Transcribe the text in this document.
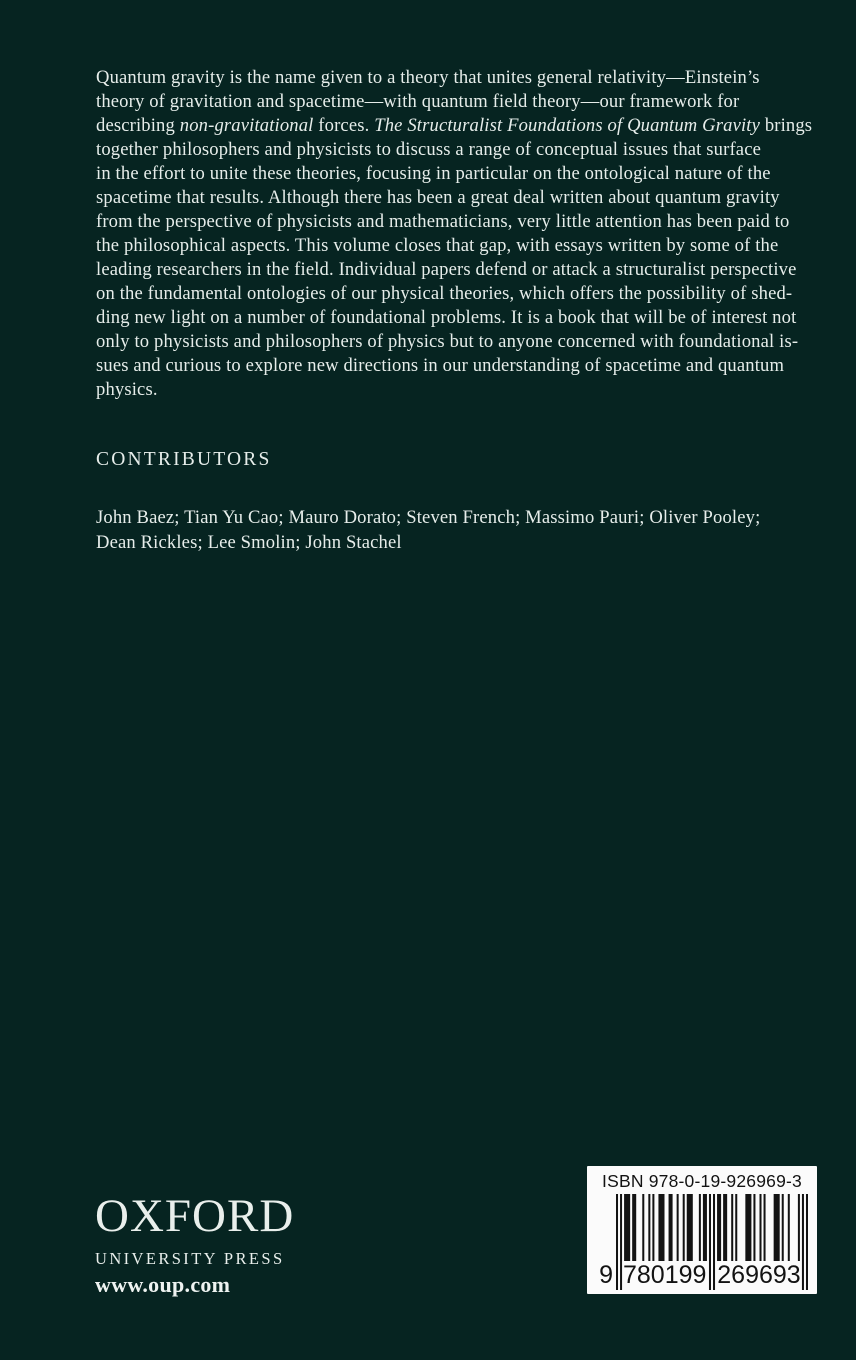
Quantum gravity is the name given to a theory that unites general relativity—Einstein’s
theory of gravitation and spacetime—with quantum field theory—our framework for
describing non-gravitational forces. The Structuralist Foundations of Quantum Gravity brings
together philosophers and physicists to discuss a range of conceptual issues that surface
in the effort to unite these theories, focusing in particular on the ontological nature of the
spacetime that results. Although there has been a great deal written about quantum gravity
from the perspective of physicists and mathematicians, very little attention has been paid to
the philosophical aspects. This volume closes that gap, with essays written by some of the
leading researchers in the field. Individual papers defend or attack a structuralist perspective
on the fundamental ontologies of our physical theories, which offers the possibility of shed-
ding new light on a number of foundational problems. It is a book that will be of interest not
only to physicists and philosophers of physics but to anyone concerned with foundational is-
sues and curious to explore new directions in our understanding of spacetime and quantum
physics.
CONTRIBUTORS
John Baez; Tian Yu Cao; Mauro Dorato; Steven French; Massimo Pauri; Oliver Pooley;
Dean Rickles; Lee Smolin; John Stachel
OXFORD
UNIVERSITY PRESS
www.oup.com
ISBN 978-0-19-926969-3
9 780199 269693
